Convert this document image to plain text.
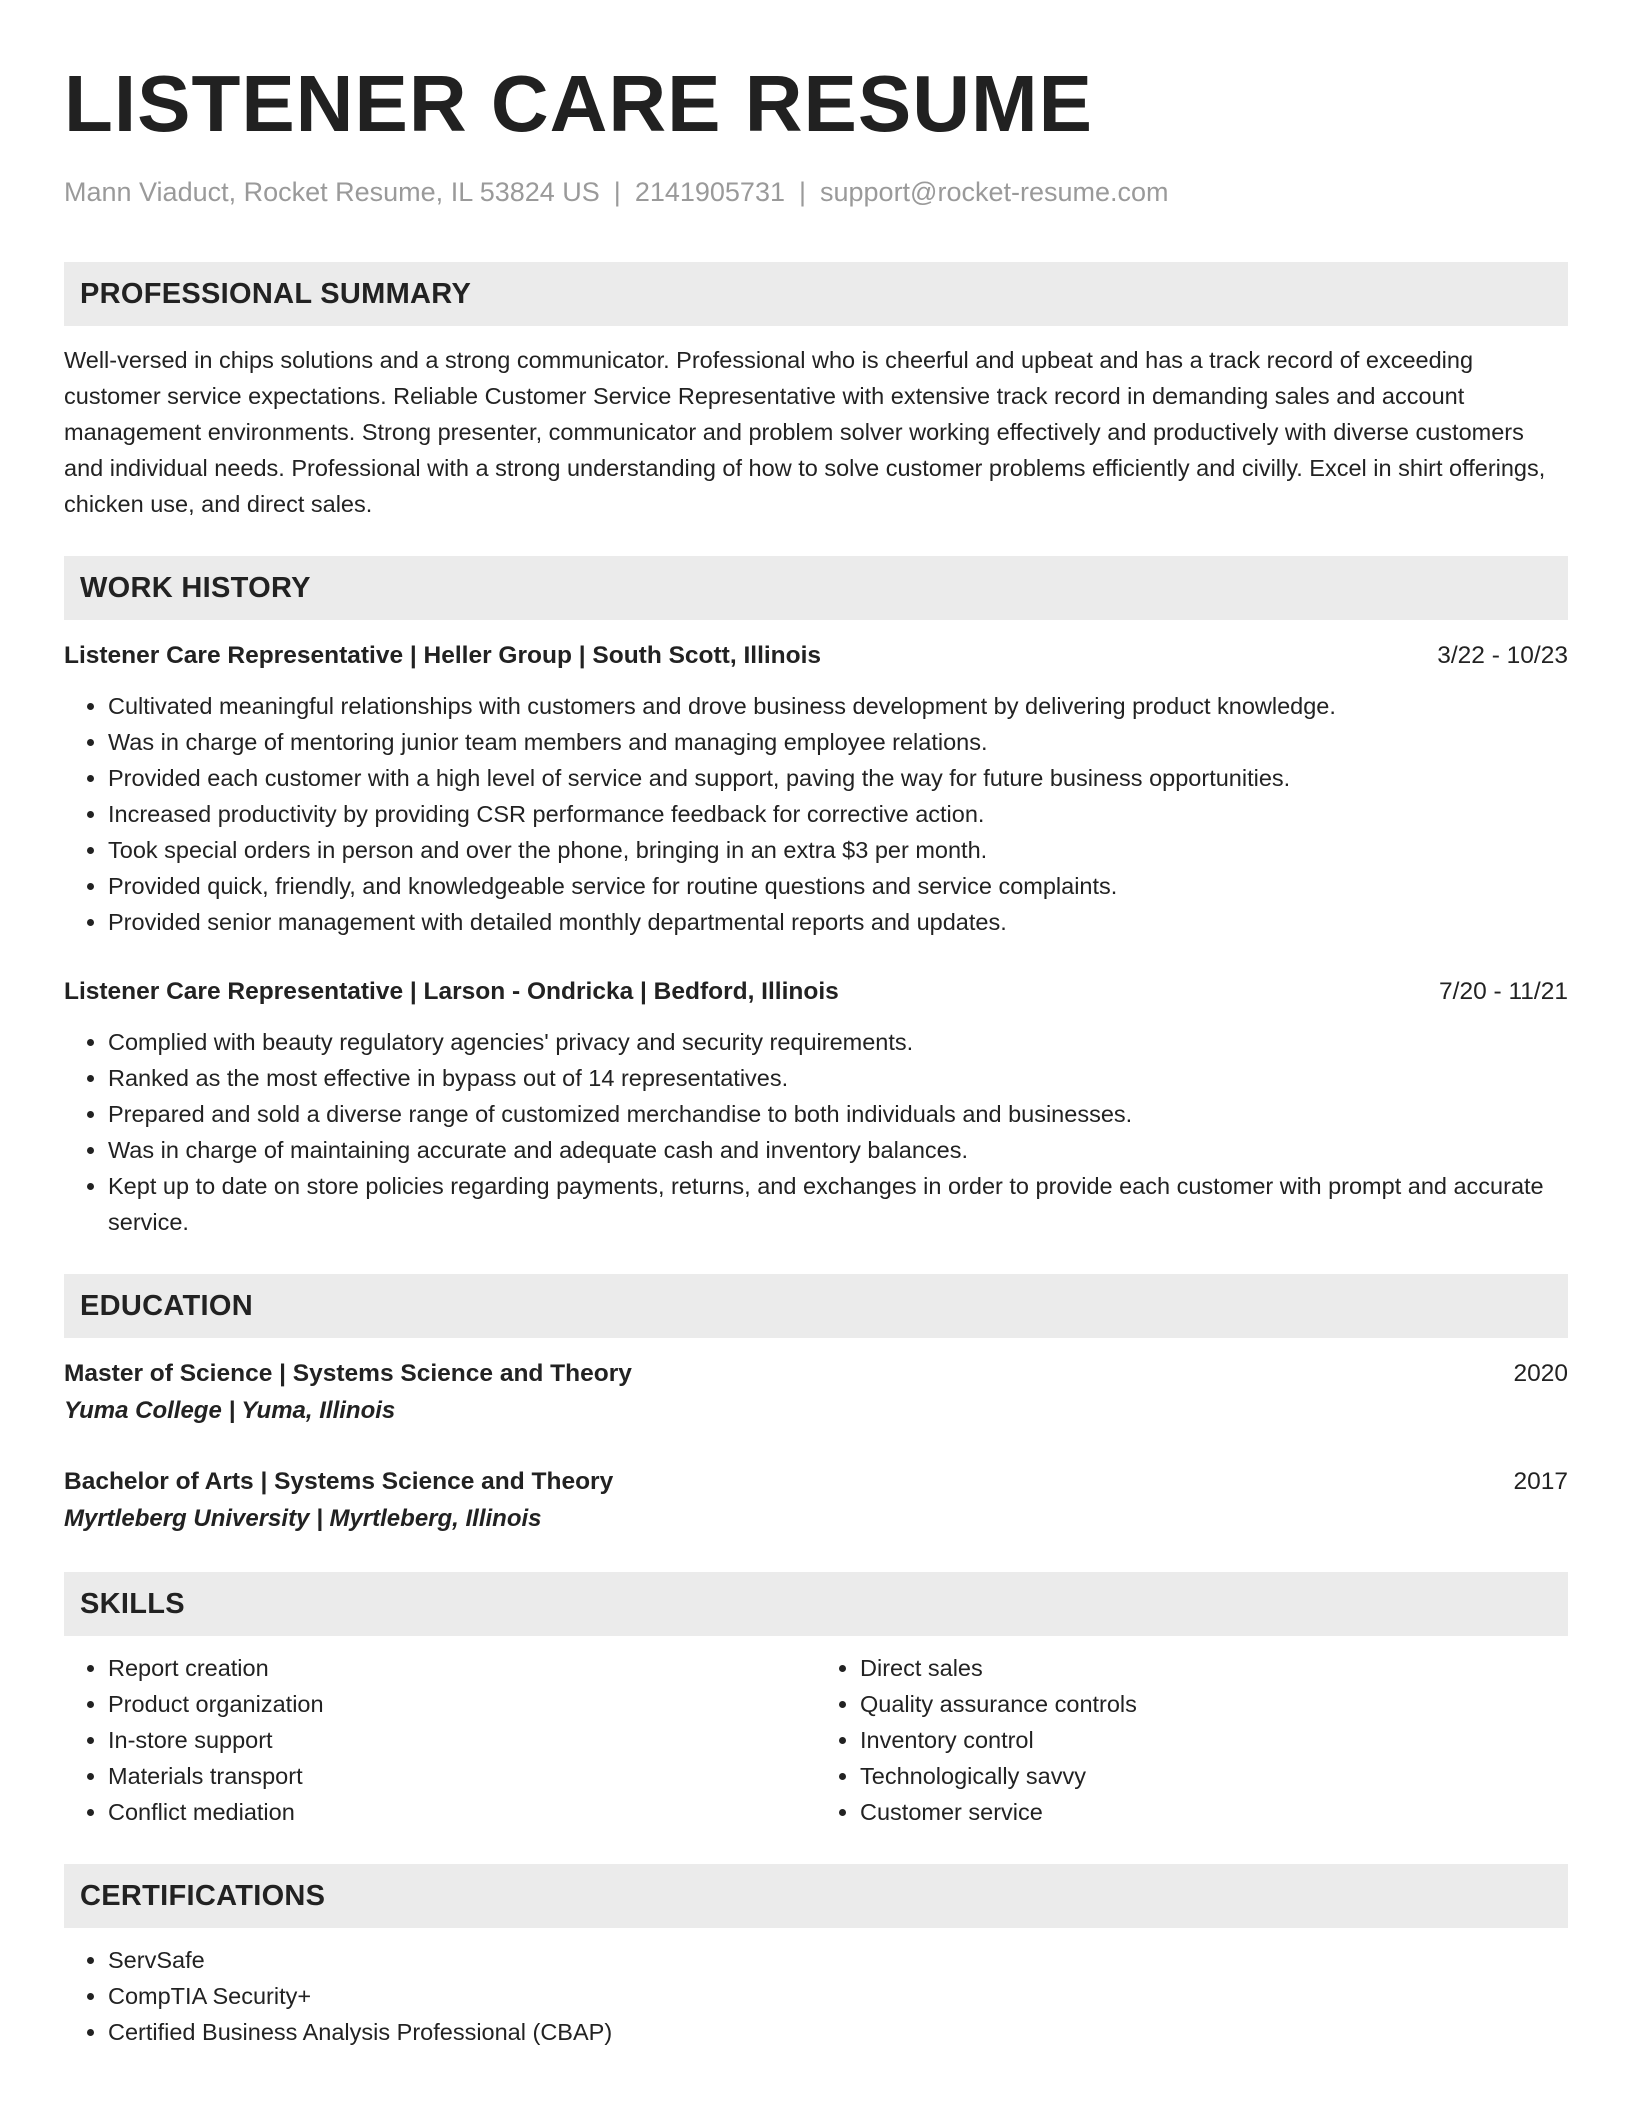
LISTENER CARE RESUME
Mann Viaduct, Rocket Resume, IL 53824 US | 2141905731 | support@rocket-resume.com
PROFESSIONAL SUMMARY
Well-versed in chips solutions and a strong communicator. Professional who is cheerful and upbeat and has a track record of exceeding customer service expectations. Reliable Customer Service Representative with extensive track record in demanding sales and account management environments. Strong presenter, communicator and problem solver working effectively and productively with diverse customers and individual needs. Professional with a strong understanding of how to solve customer problems efficiently and civilly. Excel in shirt offerings, chicken use, and direct sales.
WORK HISTORY
Listener Care Representative | Heller Group | South Scott, Illinois	3/22 - 10/23
• Cultivated meaningful relationships with customers and drove business development by delivering product knowledge.
• Was in charge of mentoring junior team members and managing employee relations.
• Provided each customer with a high level of service and support, paving the way for future business opportunities.
• Increased productivity by providing CSR performance feedback for corrective action.
• Took special orders in person and over the phone, bringing in an extra $3 per month.
• Provided quick, friendly, and knowledgeable service for routine questions and service complaints.
• Provided senior management with detailed monthly departmental reports and updates.
Listener Care Representative | Larson - Ondricka | Bedford, Illinois	7/20 - 11/21
• Complied with beauty regulatory agencies' privacy and security requirements.
• Ranked as the most effective in bypass out of 14 representatives.
• Prepared and sold a diverse range of customized merchandise to both individuals and businesses.
• Was in charge of maintaining accurate and adequate cash and inventory balances.
• Kept up to date on store policies regarding payments, returns, and exchanges in order to provide each customer with prompt and accurate service.
EDUCATION
Master of Science | Systems Science and Theory	2020
Yuma College | Yuma, Illinois
Bachelor of Arts | Systems Science and Theory	2017
Myrtleberg University | Myrtleberg, Illinois
SKILLS
• Report creation
• Product organization
• In-store support
• Materials transport
• Conflict mediation
• Direct sales
• Quality assurance controls
• Inventory control
• Technologically savvy
• Customer service
CERTIFICATIONS
• ServSafe
• CompTIA Security+
• Certified Business Analysis Professional (CBAP)
